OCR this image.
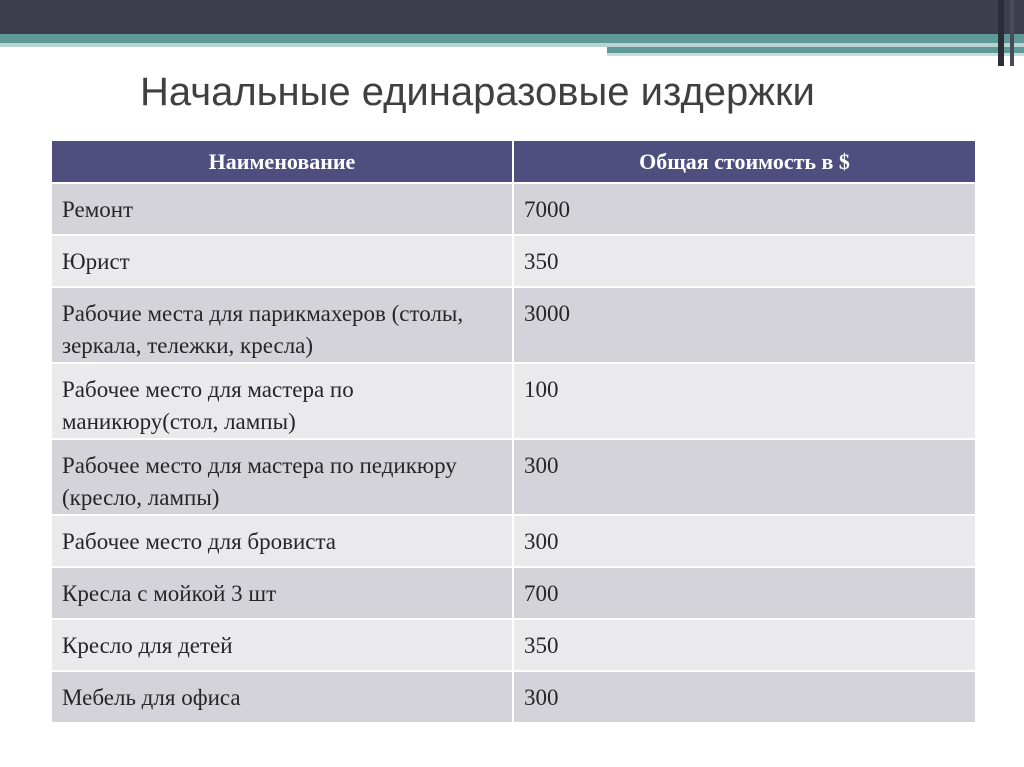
Начальные единаразовые издержки
Наименование	Общая стоимость в $
Ремонт	7000
Юрист	350
Рабочие места для парикмахеров (столы, зеркала, тележки, кресла)	3000
Рабочее место для мастера по маникюру(стол, лампы)	100
Рабочее место для мастера по педикюру (кресло, лампы)	300
Рабочее место для бровиста	300
Кресла с мойкой 3 шт	700
Кресло для детей	350
Мебель для офиса	300
